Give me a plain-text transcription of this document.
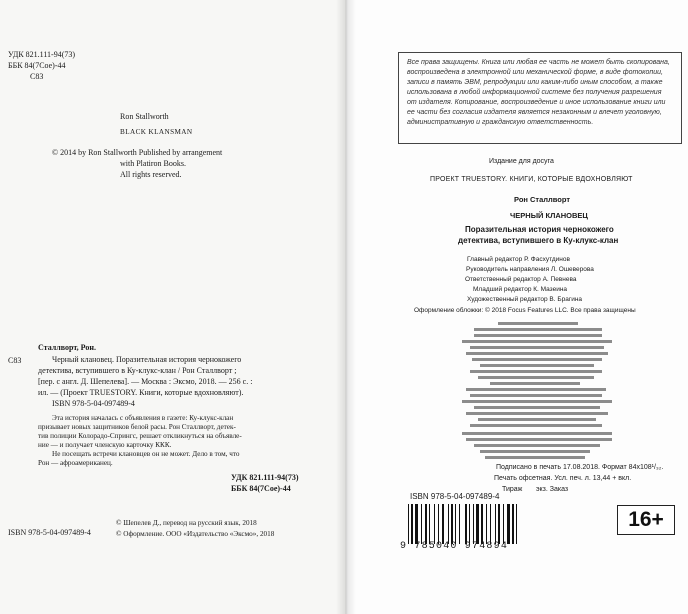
УДК 821.111-94(73)
ББК 84(7Сое)-44
С83
Ron Stallworth
BLACK KLANSMAN
© 2014 by Ron Stallworth Published by arrangement
with Platiron Books.
All rights reserved.
С83
Сталлворт, Рон.
Черный клановец. Поразительная история чернокожего
детектива, вступившего в Ку-клукс-клан / Рон Сталлворт ;
[пер. с англ. Д. Шепелева]. — Москва : Эксмо, 2018. — 256 с. :
ил. — (Проект TRUESTORY. Книги, которые вдохновляют).
ISBN 978-5-04-097489-4
Эта история началась с объявления в газете: Ку-клукс-клан
призывает новых защитников белой расы. Рон Сталлворт, детек-
тив полиции Колорадо-Спрингс, решает откликнуться на объявле-
ние — и получает членскую карточку ККК.
Не посещать встречи клановцев он не может. Дело в том, что
Рон — афроамериканец.
УДК 821.111-94(73)
ББК 84(7Сое)-44
ISBN 978-5-04-097489-4
© Шепелев Д., перевод на русский язык, 2018
© Оформление. ООО «Издательство «Эксмо», 2018
Все права защищены. Книга или любая ее часть не может быть скопирована, воспроизведена в электронной или механической форме, в виде фотокопии, записи в память ЭВМ, репродукции или каким-либо иным способом, а также использована в любой информационной системе без получения разрешения от издателя. Копирование, воспроизведение и иное использование книги или ее части без согласия издателя является незаконным и влечет уголовную, административную и гражданскую ответственность.
Издание для досуга
ПРОЕКТ TRUESTORY. КНИГИ, КОТОРЫЕ ВДОХНОВЛЯЮТ
Рон Сталлворт
ЧЕРНЫЙ КЛАНОВЕЦ
Поразительная история чернокожего
детектива, вступившего в Ку-клукс-клан
Главный редактор Р. Фасхутдинов
Руководитель направления Л. Ошеверова
Ответственный редактор А. Певнева
Младший редактор К. Мазеина
Художественный редактор В. Брагина
Оформление обложки: © 2018 Focus Features LLC. Все права защищены
Подписано в печать 17.08.2018. Формат 84x108¹/₃₂.
Печать офсетная. Усл. печ. л. 13,44 + вкл.
Тираж       экз. Заказ
ISBN 978-5-04-097489-4
9 785040 974894
16+
